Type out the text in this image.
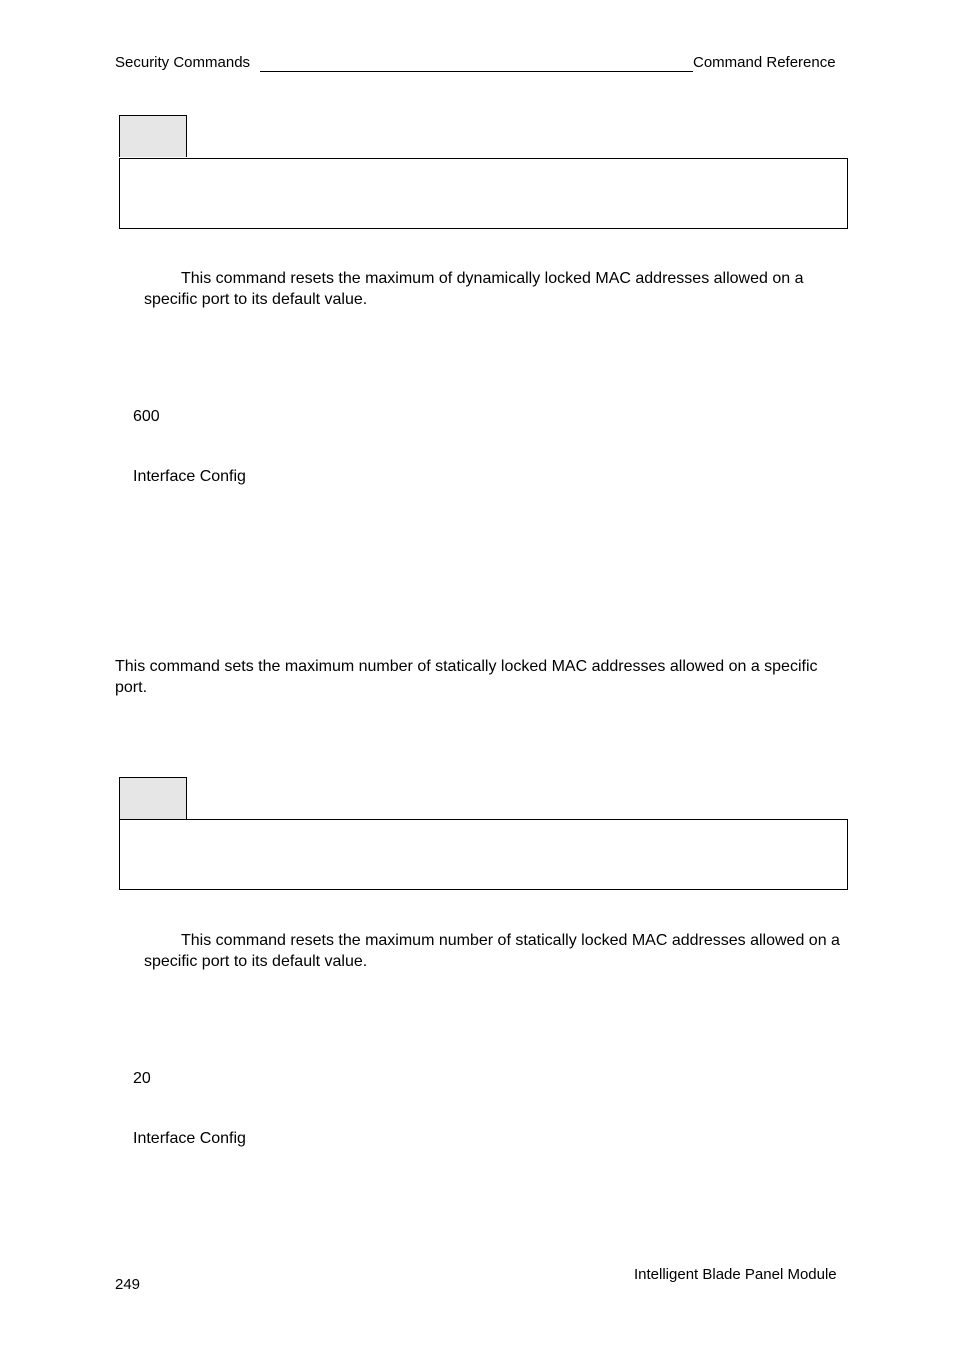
Security Commands	Command Reference
This command resets the maximum of dynamically locked MAC addresses allowed on a specific port to its default value.
600
Interface Config
This command sets the maximum number of statically locked MAC addresses allowed on a specific port.
This command resets the maximum number of statically locked MAC addresses allowed on a specific port to its default value.
20
Interface Config
249
Intelligent Blade Panel Module
